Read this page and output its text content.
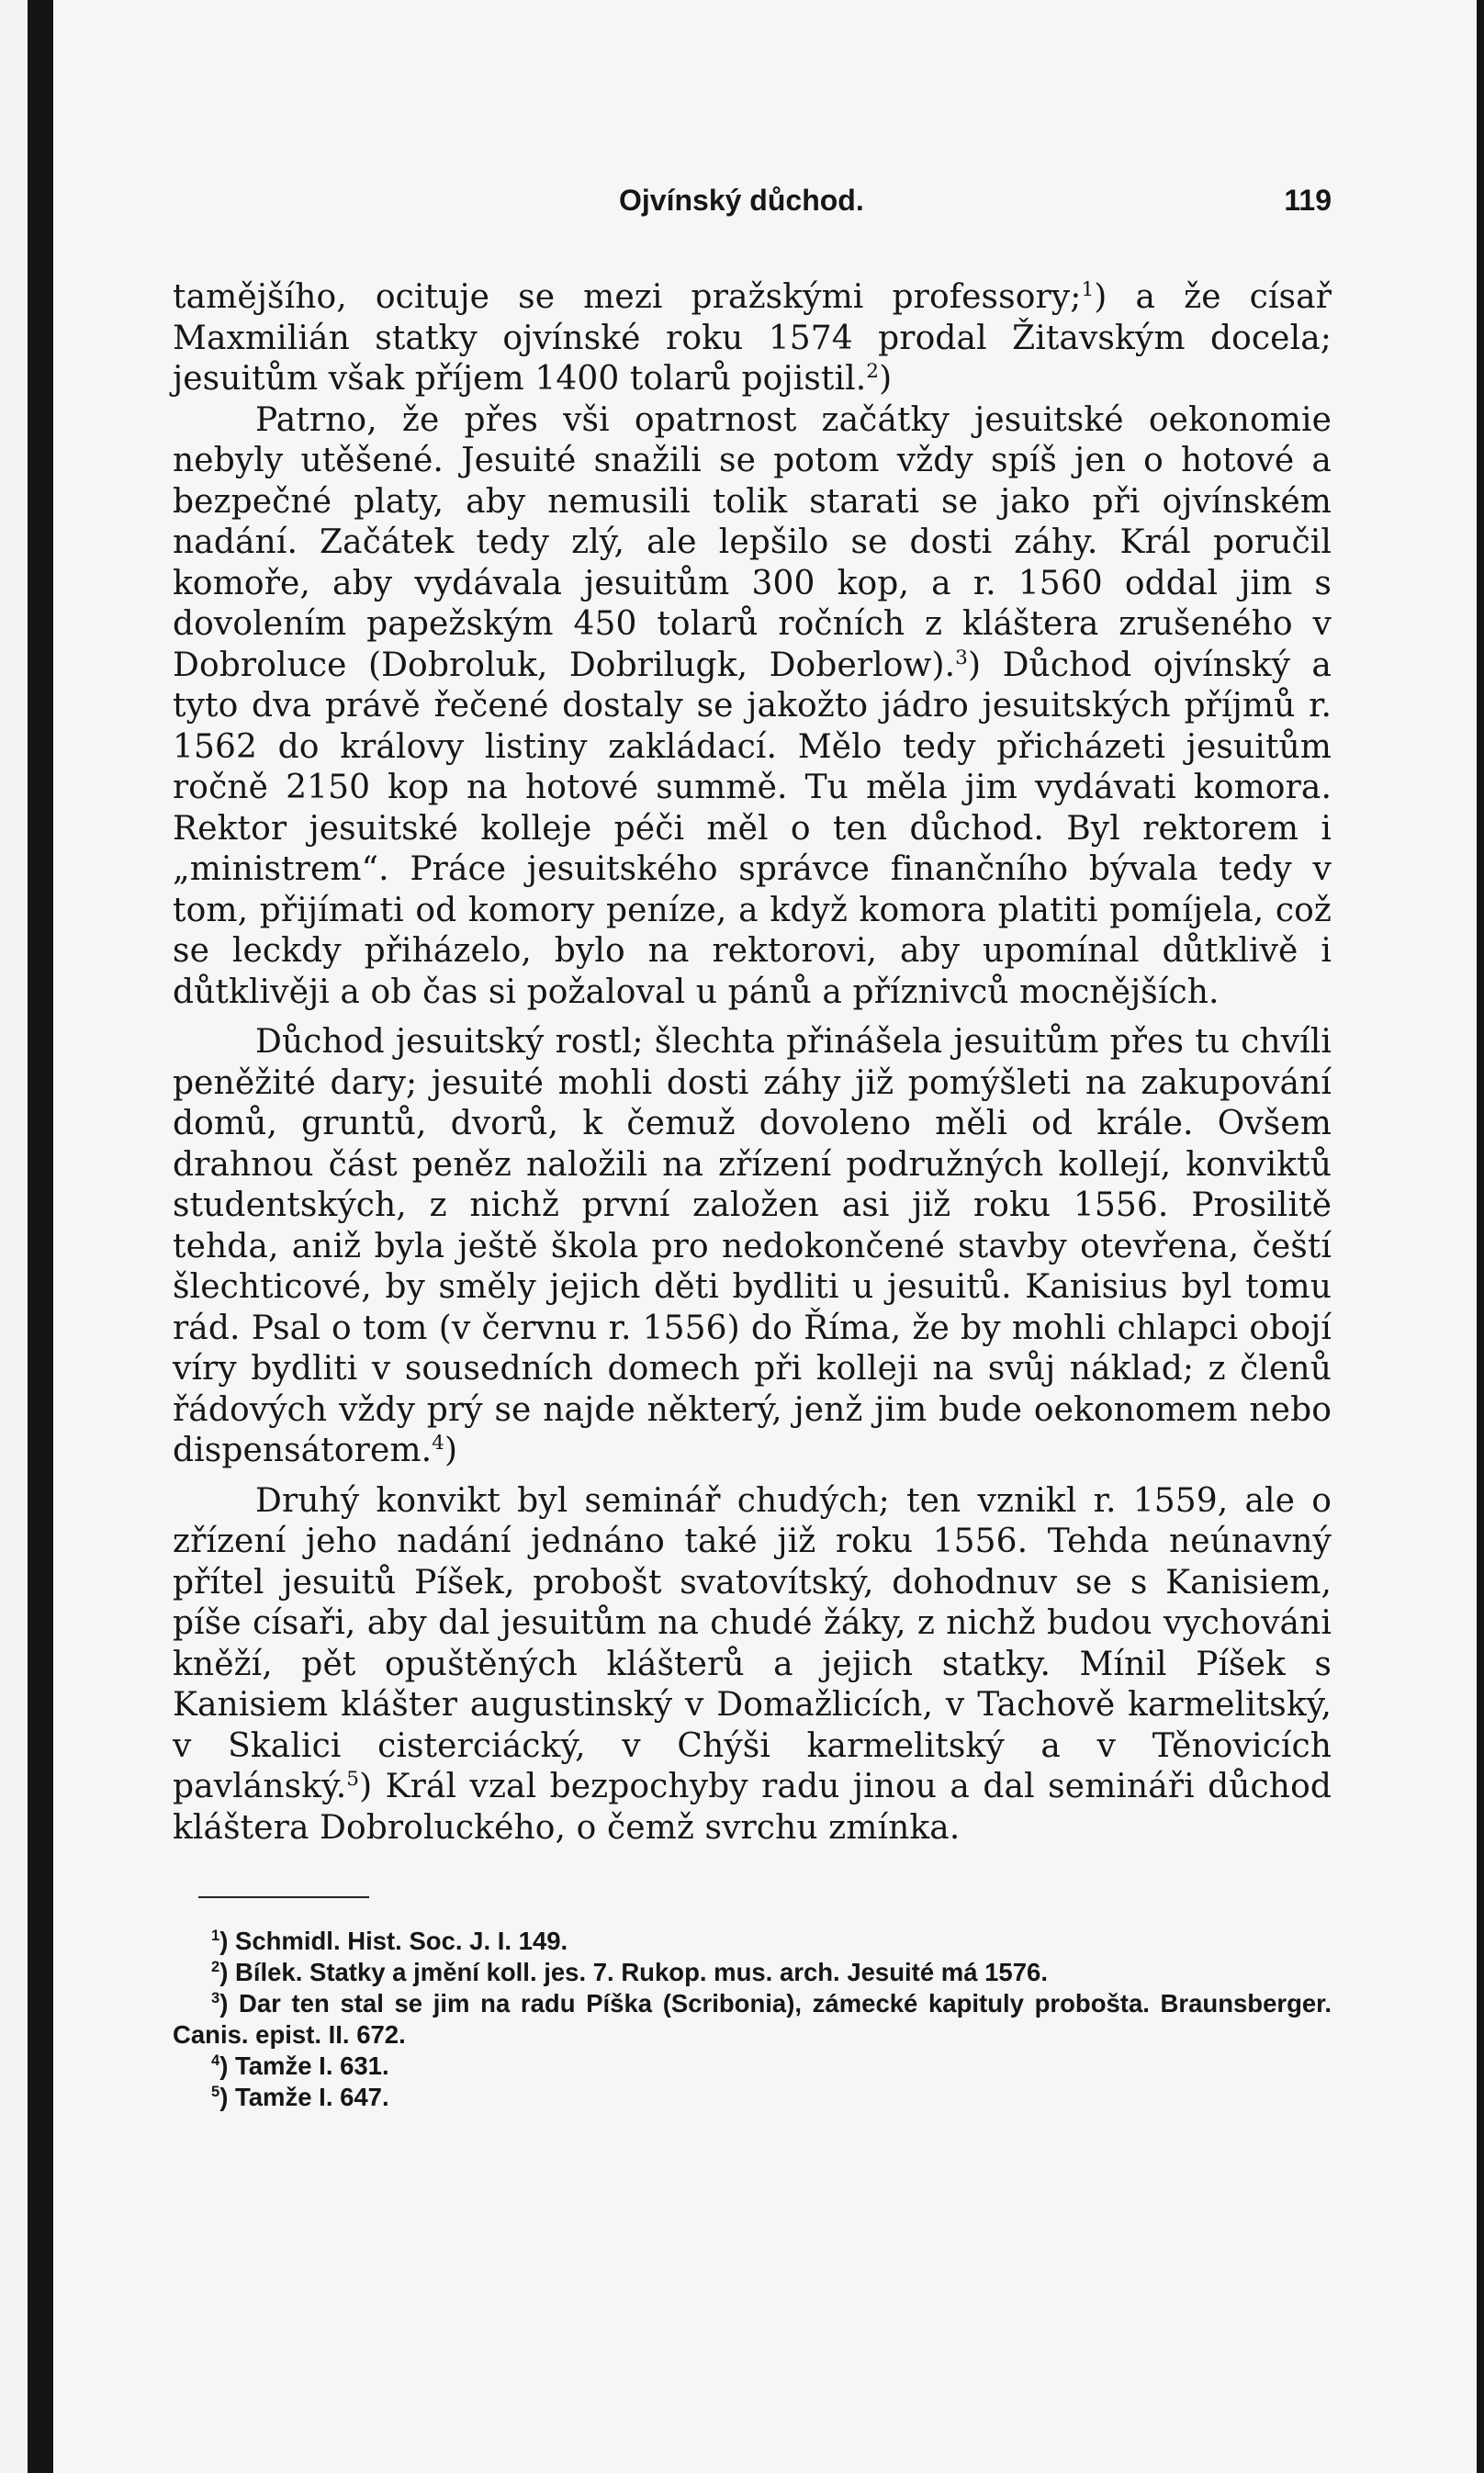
Ojvínský důchod.	119

tamějšího, ocituje se mezi pražskými professory;$^1$) a že císař Maxmilián statky ojvínské roku 1574 prodal Žitavským docela; jesuitům však příjem 1400 tolarů pojistil.$^2$)

Patrno, že přes vši opatrnost začátky jesuitské oekonomie nebyly utěšené. Jesuité snažili se potom vždy spíš jen o hotové a bezpečné platy, aby nemusili tolik starati se jako při ojvínském nadání. Začátek tedy zlý, ale lepšilo se dosti záhy. Král poručil komoře, aby vydávala jesuitům 300 kop, a r. 1560 oddal jim s dovolením papežským 450 tolarů ročních z kláštera zrušeného v Dobroluce (Dobroluk, Dobrilugk, Doberlow).$^3$) Důchod ojvínský a tyto dva právě řečené dostaly se jakožto jádro jesuitských příjmů r. 1562 do královy listiny zakládací. Mělo tedy přicházeti jesuitům ročně 2150 kop na hotové summě. Tu měla jim vydávati komora. Rektor jesuitské kolleje péči měl o ten důchod. Byl rektorem i „ministrem“. Práce jesuitského správce finančního bývala tedy v tom, přijímati od komory peníze, a když komora platiti pomíjela, což se leckdy přiházelo, bylo na rektorovi, aby upomínal důtklivě i důtklivěji a ob čas si požaloval u pánů a příznivců mocnějších.

Důchod jesuitský rostl; šlechta přinášela jesuitům přes tu chvíli peněžité dary; jesuité mohli dosti záhy již pomýšleti na zakupování domů, gruntů, dvorů, k čemuž dovoleno měli od krále. Ovšem drahnou část peněz naložili na zřízení podružných kollejí, konviktů studentských, z nichž první založen asi již roku 1556. Prosilitě tehda, aniž byla ještě škola pro nedokončené stavby otevřena, čeští šlechticové, by směly jejich děti bydliti u jesuitů. Kanisius byl tomu rád. Psal o tom (v červnu r. 1556) do Říma, že by mohli chlapci obojí víry bydliti v sousedních domech při kolleji na svůj náklad; z členů řádových vždy prý se najde některý, jenž jim bude oekonomem nebo dispensátorem.$^4$)

Druhý konvikt byl seminář chudých; ten vznikl r. 1559, ale o zřízení jeho nadání jednáno také již roku 1556. Tehda neúnavný přítel jesuitů Píšek, probošt svatovítský, dohodnuv se s Kanisiem, píše císaři, aby dal jesuitům na chudé žáky, z nichž budou vychováni kněží, pět opuštěných klášterů a jejich statky. Mínil Píšek s Kanisiem klášter augustinský v Domažlicích, v Tachově karmelitský, v Skalici cisterciácký, v Chýši karmelitský a v Těnovicích pavlánský.$^5$) Král vzal bezpochyby radu jinou a dal semináři důchod kláštera Dobroluckého, o čemž svrchu zmínka.

$^1$) Schmidl. Hist. Soc. J. I. 149.

$^2$) Bílek. Statky a jmění koll. jes. 7. Rukop. mus. arch. Jesuité má 1576.

$^3$) Dar ten stal se jim na radu Píška (Scribonia), zámecké kapituly proboštа. Braunsberger. Canis. epist. II. 672.

$^4$) Tamže I. 631.

$^5$) Tamže I. 647.
